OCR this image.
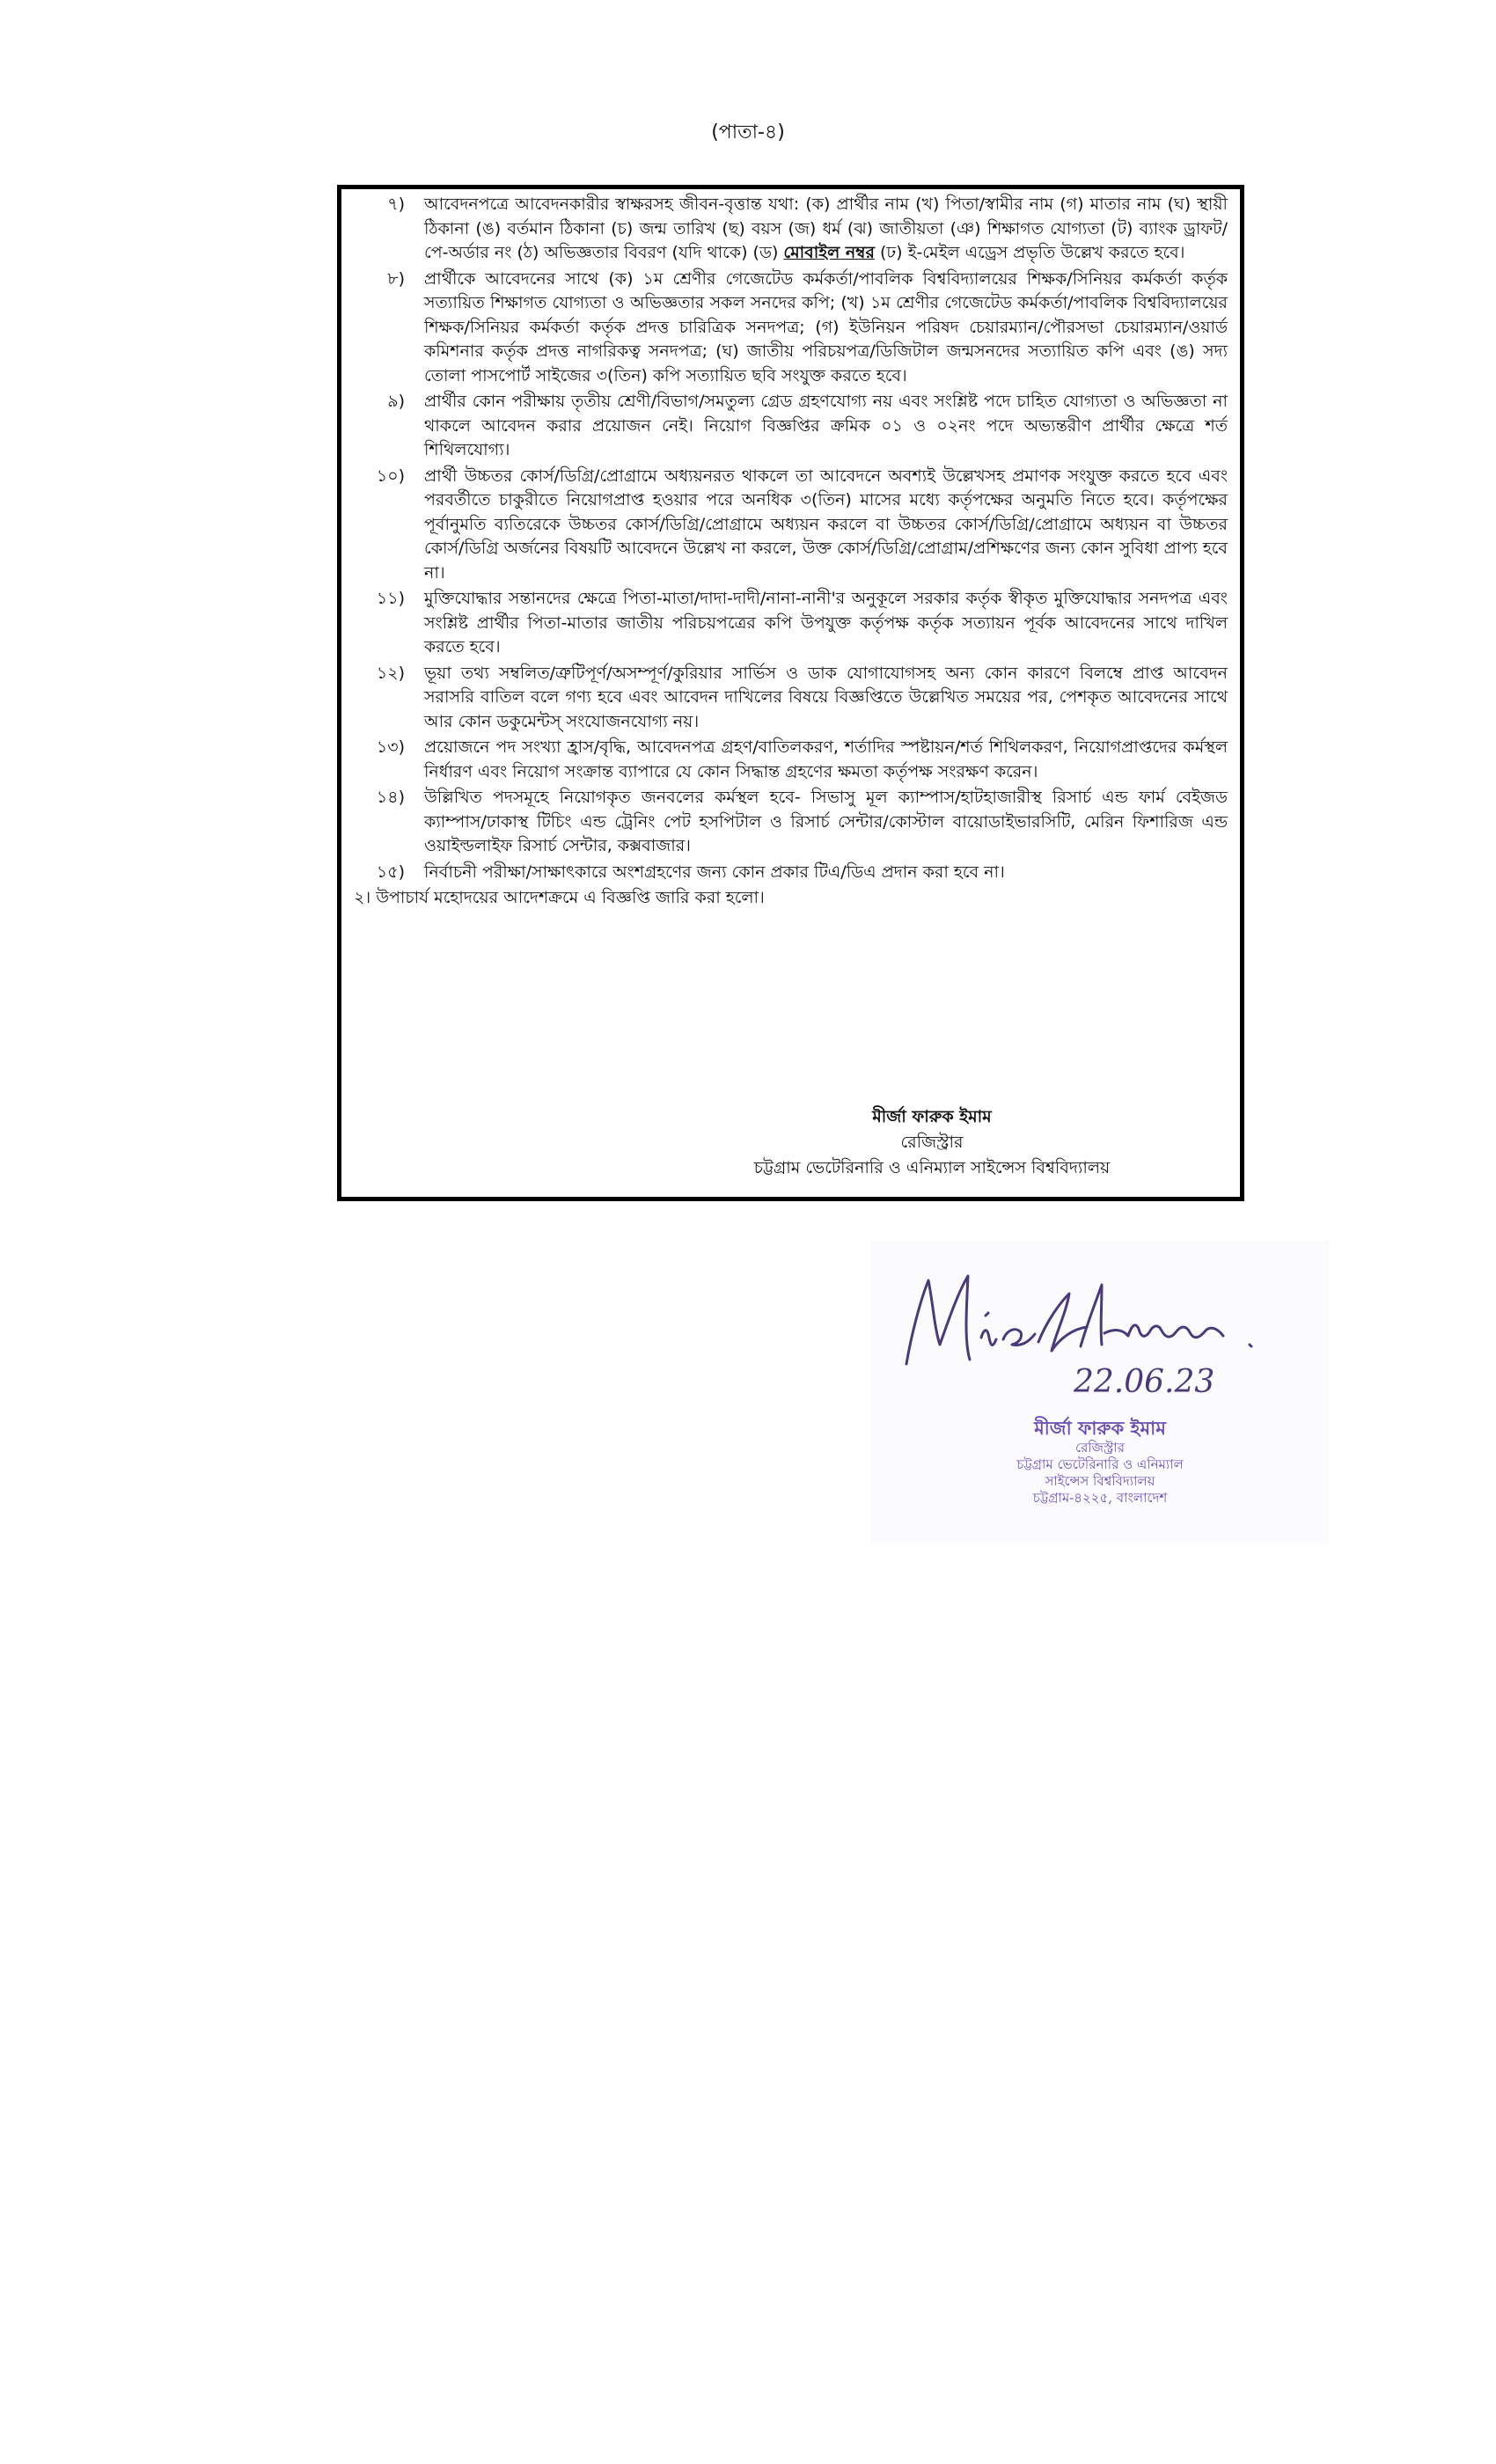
(পাতা-৪)
৭)	আবেদনপত্রে আবেদনকারীর স্বাক্ষরসহ জীবন-বৃত্তান্ত যথা: (ক) প্রার্থীর নাম (খ) পিতা/স্বামীর নাম (গ) মাতার নাম (ঘ) স্থায়ী ঠিকানা (ঙ) বর্তমান ঠিকানা (চ) জন্ম তারিখ (ছ) বয়স (জ) ধর্ম (ঝ) জাতীয়তা (ঞ) শিক্ষাগত যোগ্যতা (ট) ব্যাংক ড্রাফট/পে-অর্ডার নং (ঠ) অভিজ্ঞতার বিবরণ (যদি থাকে) (ড) মোবাইল নম্বর (ঢ) ই-মেইল এড্রেস প্রভৃতি উল্লেখ করতে হবে।
৮)	প্রার্থীকে আবেদনের সাথে (ক) ১ম শ্রেণীর গেজেটেড কর্মকর্তা/পাবলিক বিশ্ববিদ্যালয়ের শিক্ষক/সিনিয়র কর্মকর্তা কর্তৃক সত্যায়িত শিক্ষাগত যোগ্যতা ও অভিজ্ঞতার সকল সনদের কপি; (খ) ১ম শ্রেণীর গেজেটেড কর্মকর্তা/পাবলিক বিশ্ববিদ্যালয়ের শিক্ষক/সিনিয়র কর্মকর্তা কর্তৃক প্রদত্ত চারিত্রিক সনদপত্র; (গ) ইউনিয়ন পরিষদ চেয়ারম্যান/পৌরসভা চেয়ারম্যান/ওয়ার্ড কমিশনার কর্তৃক প্রদত্ত নাগরিকত্ব সনদপত্র; (ঘ) জাতীয় পরিচয়পত্র/ডিজিটাল জন্মসনদের সত্যায়িত কপি এবং (ঙ) সদ্য তোলা পাসপোর্ট সাইজের ৩(তিন) কপি সত্যায়িত ছবি সংযুক্ত করতে হবে।
৯)	প্রার্থীর কোন পরীক্ষায় তৃতীয় শ্রেণী/বিভাগ/সমতুল্য গ্রেড গ্রহণযোগ্য নয় এবং সংশ্লিষ্ট পদে চাহিত যোগ্যতা ও অভিজ্ঞতা না থাকলে আবেদন করার প্রয়োজন নেই। নিয়োগ বিজ্ঞপ্তির ক্রমিক ০১ ও ০২নং পদে অভ্যন্তরীণ প্রার্থীর ক্ষেত্রে শর্ত শিথিলযোগ্য।
১০)	প্রার্থী উচ্চতর কোর্স/ডিগ্রি/প্রোগ্রামে অধ্যয়নরত থাকলে তা আবেদনে অবশ্যই উল্লেখসহ প্রমাণক সংযুক্ত করতে হবে এবং পরবর্তীতে চাকুরীতে নিয়োগপ্রাপ্ত হওয়ার পরে অনধিক ৩(তিন) মাসের মধ্যে কর্তৃপক্ষের অনুমতি নিতে হবে। কর্তৃপক্ষের পূর্বানুমতি ব্যতিরেকে উচ্চতর কোর্স/ডিগ্রি/প্রোগ্রামে অধ্যয়ন করলে বা উচ্চতর কোর্স/ডিগ্রি/প্রোগ্রামে অধ্যয়ন বা উচ্চতর কোর্স/ডিগ্রি অর্জনের বিষয়টি আবেদনে উল্লেখ না করলে, উক্ত কোর্স/ডিগ্রি/প্রোগ্রাম/প্রশিক্ষণের জন্য কোন সুবিধা প্রাপ্য হবে না।
১১)	মুক্তিযোদ্ধার সন্তানদের ক্ষেত্রে পিতা-মাতা/দাদা-দাদী/নানা-নানী'র অনুকূলে সরকার কর্তৃক স্বীকৃত মুক্তিযোদ্ধার সনদপত্র এবং সংশ্লিষ্ট প্রার্থীর পিতা-মাতার জাতীয় পরিচয়পত্রের কপি উপযুক্ত কর্তৃপক্ষ কর্তৃক সত্যায়ন পূর্বক আবেদনের সাথে দাখিল করতে হবে।
১২)	ভূয়া তথ্য সম্বলিত/ত্রুটিপূর্ণ/অসম্পূর্ণ/কুরিয়ার সার্ভিস ও ডাক যোগাযোগসহ অন্য কোন কারণে বিলম্বে প্রাপ্ত আবেদন সরাসরি বাতিল বলে গণ্য হবে এবং আবেদন দাখিলের বিষয়ে বিজ্ঞপ্তিতে উল্লেখিত সময়ের পর, পেশকৃত আবেদনের সাথে আর কোন ডকুমেন্টস্ সংযোজনযোগ্য নয়।
১৩)	প্রয়োজনে পদ সংখ্যা হ্রাস/বৃদ্ধি, আবেদনপত্র গ্রহণ/বাতিলকরণ, শর্তাদির স্পষ্টায়ন/শর্ত শিথিলকরণ, নিয়োগপ্রাপ্তদের কর্মস্থল নির্ধারণ এবং নিয়োগ সংক্রান্ত ব্যাপারে যে কোন সিদ্ধান্ত গ্রহণের ক্ষমতা কর্তৃপক্ষ সংরক্ষণ করেন।
১৪)	উল্লিখিত পদসমূহে নিয়োগকৃত জনবলের কর্মস্থল হবে- সিভাসু মূল ক্যাম্পাস/হাটহাজারীস্থ রিসার্চ এন্ড ফার্ম বেইজড ক্যাম্পাস/ঢাকাস্থ টিচিং এন্ড ট্রেনিং পেট হসপিটাল ও রিসার্চ সেন্টার/কোস্টাল বায়োডাইভারসিটি, মেরিন ফিশারিজ এন্ড ওয়াইল্ডলাইফ রিসার্চ সেন্টার, কক্সবাজার।
১৫)	নির্বাচনী পরীক্ষা/সাক্ষাৎকারে অংশগ্রহণের জন্য কোন প্রকার টিএ/ডিএ প্রদান করা হবে না।
২। উপাচার্য মহোদয়ের আদেশক্রমে এ বিজ্ঞপ্তি জারি করা হলো।
মীর্জা ফারুক ইমাম
রেজিস্ট্রার
চট্টগ্রাম ভেটেরিনারি ও এনিম্যাল সাইন্সেস বিশ্ববিদ্যালয়
22.06.23
মীর্জা ফারুক ইমাম
রেজিস্ট্রার
চট্টগ্রাম ভেটেরিনারি ও এনিম্যাল
সাইন্সেস বিশ্ববিদ্যালয়
চট্টগ্রাম-৪২২৫, বাংলাদেশ
